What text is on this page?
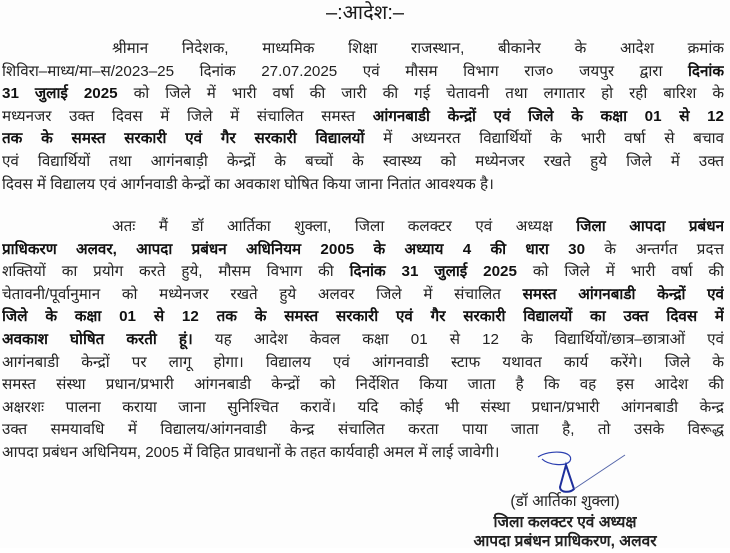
–:आदेश:–
श्रीमान निदेशक, माध्यमिक शिक्षा राजस्थान, बीकानेर के आदेश क्रमांक
शिविरा–माध्य/मा–स/2023–25 दिनांक 27.07.2025 एवं मौसम विभाग राज० जयपुर द्वारा दिनांक
31 जुलाई 2025 को जिले में भारी वर्षा की जारी की गई चेतावनी तथा लगातार हो रही बारिश के
मध्यनजर उक्त दिवस में जिले में संचालित समस्त आंगनबाडी केन्द्रों एवं जिले के कक्षा 01 से 12
तक के समस्त सरकारी एवं गैर सरकारी विद्यालयों में अध्यनरत विद्यार्थियों के भारी वर्षा से बचाव
एवं विद्यार्थियों तथा आगंनबाड़ी केन्द्रों के बच्चों के स्वास्थ्य को मध्येनजर रखते हुये जिले में उक्त
दिवस में विद्यालय एवं आर्गनवाडी केन्द्रों का अवकाश घोषित किया जाना नितांत आवश्यक है।
अतः मैं डॉ आर्तिका शुक्ला, जिला कलक्टर एवं अध्यक्ष जिला आपदा प्रबंधन
प्राधिकरण अलवर, आपदा प्रबंधन अधिनियम 2005 के अध्याय 4 की धारा 30 के अन्तर्गत प्रदत्त
शक्तियों का प्रयोग करते हुये, मौसम विभाग की दिनांक 31 जुलाई 2025 को जिले में भारी वर्षा की
चेतावनी/पूर्वानुमान को मध्येनजर रखते हुये अलवर जिले में संचालित समस्त आंगनबाडी केन्द्रों एवं
जिले के कक्षा 01 से 12 तक के समस्त सरकारी एवं गैर सरकारी विद्यालयों का उक्त दिवस में
अवकाश घोषित करती हूं। यह आदेश केवल कक्षा 01 से 12 के विद्यार्थियों/छात्र–छात्राओं एवं
आगंनबाडी केन्द्रों पर लागू होगा। विद्यालय एवं आंगनवाडी स्टाफ यथावत कार्य करेंगे। जिले के
समस्त संस्था प्रधान/प्रभारी आंगनबाडी केन्द्रों को निर्देशित किया जाता है कि वह इस आदेश की
अक्षरशः पालना कराया जाना सुनिश्चित करावें। यदि कोई भी संस्था प्रधान/प्रभारी आंगनबाडी केन्द्र
उक्त समयावधि में विद्यालय/आंगनवाडी केन्द्र संचालित करता पाया जाता है, तो उसके विरूद्ध
आपदा प्रबंधन अधिनियम, 2005 में विहित प्रावधानों के तहत कार्यवाही अमल में लाई जावेगी।
(डॉ आर्तिका शुक्ला)
जिला कलक्टर एवं अध्यक्ष
आपदा प्रबंधन प्राधिकरण, अलवर
